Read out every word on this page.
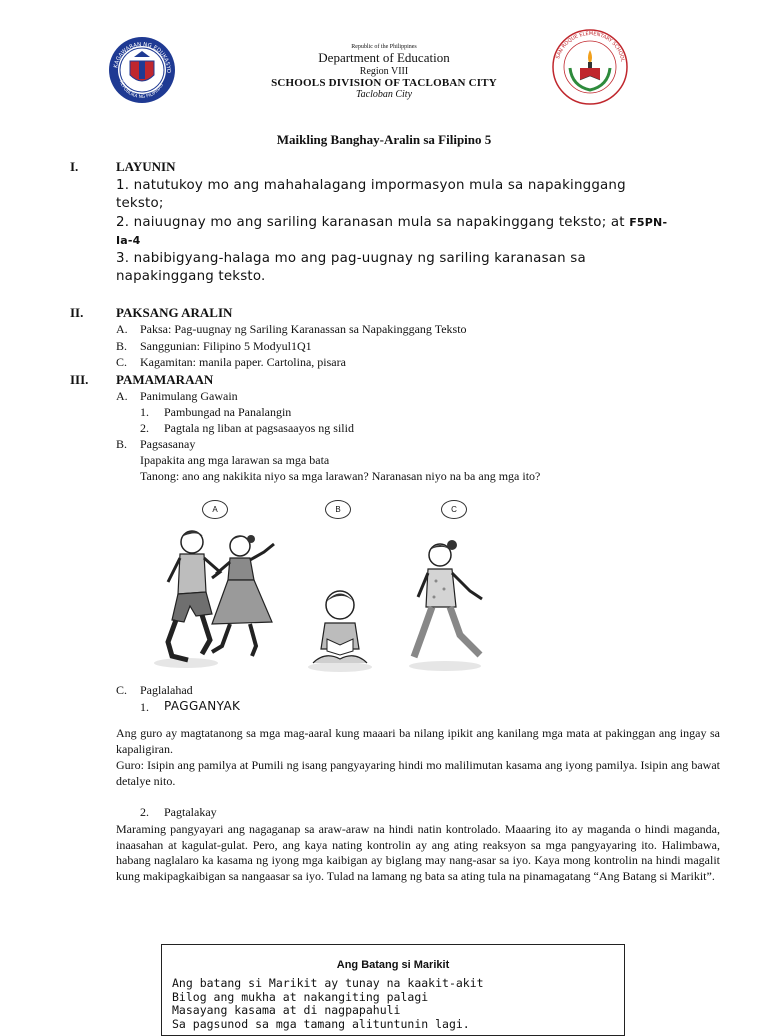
KAGAWARAN NG EDUKASYO
REPUBLIKA NG PILIPINAS
Republic of the Philippines
Department of Education
Region VIII
SCHOOLS DIVISION OF TACLOBAN CITY
Tacloban City
SAN ROQUE ELEMENTARY SCHOOL
Maikling Banghay-Aralin sa Filipino 5
I.	LAYUNIN
1. natutukoy mo ang mahahalagang impormasyon mula sa napakinggang
teksto;
2. naiuugnay mo ang sariling karanasan mula sa napakinggang teksto; at F5PN-
Ia-4
3. nabibigyang-halaga mo ang pag-uugnay ng sariling karanasan sa
napakinggang teksto.
II.	PAKSANG ARALIN
A. Paksa: Pag-uugnay ng Sariling Karanassan sa Napakinggang Teksto
B. Sanggunian: Filipino 5 Modyul1Q1
C. Kagamitan: manila paper. Cartolina, pisara
III. PAMAMARAAN
A. Panimulang Gawain
1. Pambungad na Panalangin
2. Pagtala ng liban at pagsasaayos ng silid
B. Pagsasanay
Ipapakita ang mga larawan sa mga bata
Tanong: ano ang nakikita niyo sa mga larawan? Naranasan niyo na ba ang mga ito?
A	B	C
C. Paglalahad
1. PAGGANYAK
Ang guro ay magtatanong sa mga mag-aaral kung maaari ba nilang ipikit ang kanilang mga mata at pakinggan ang ingay sa kapaligiran.
Guro: Isipin ang pamilya at Pumili ng isang pangyayaring hindi mo malilimutan kasama ang iyong pamilya. Isipin ang bawat detalye nito.
2. Pagtalakay
Maraming pangyayari ang nagaganap sa araw-araw na hindi natin kontrolado. Maaaring ito ay maganda o hindi maganda, inaasahan at kagulat-gulat. Pero, ang kaya nating kontrolin ay ang ating reaksyon sa mga pangyayaring ito. Halimbawa, habang naglalaro ka kasama ng iyong mga kaibigan ay biglang may nang-asar sa iyo. Kaya mong kontrolin na hindi magalit kung makipagkaibigan sa nangaasar sa iyo. Tulad na lamang ng bata sa ating tula na pinamagatang “Ang Batang si Marikit”.
Ang Batang si Marikit
Ang batang si Marikit ay tunay na kaakit-akit
Bilog ang mukha at nakangiting palagi
Masayang kasama at di nagpapahuli
Sa pagsunod sa mga tamang alituntunin lagi.
